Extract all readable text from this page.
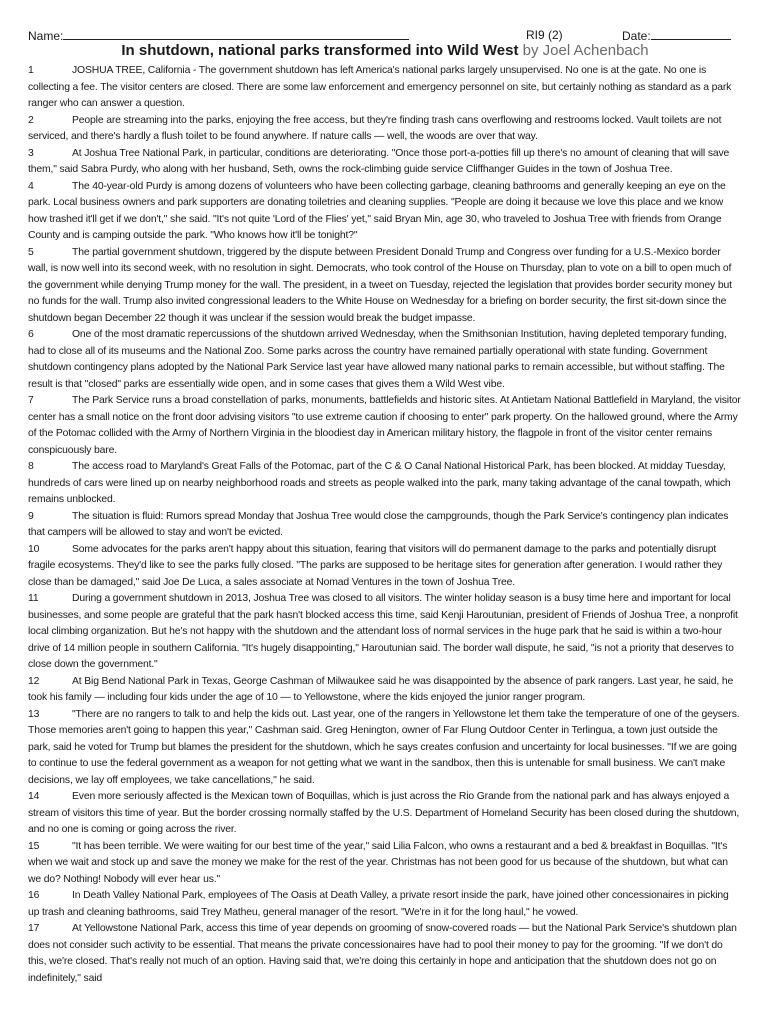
Name:	RI9 (2)	Date:
In shutdown, national parks transformed into Wild West by Joel Achenbach

1	JOSHUA TREE, California - The government shutdown has left America's national parks largely unsupervised. No one is at the gate. No one is collecting a fee. The visitor centers are closed. There are some law enforcement and emergency personnel on site, but certainly nothing as standard as a park ranger who can answer a question.

2	People are streaming into the parks, enjoying the free access, but they're finding trash cans overflowing and restrooms locked. Vault toilets are not serviced, and there's hardly a flush toilet to be found anywhere. If nature calls — well, the woods are over that way.

3	At Joshua Tree National Park, in particular, conditions are deteriorating. "Once those port-a-potties fill up there's no amount of cleaning that will save them," said Sabra Purdy, who along with her husband, Seth, owns the rock-climbing guide service Cliffhanger Guides in the town of Joshua Tree.

4	The 40-year-old Purdy is among dozens of volunteers who have been collecting garbage, cleaning bathrooms and generally keeping an eye on the park. Local business owners and park supporters are donating toiletries and cleaning supplies. "People are doing it because we love this place and we know how trashed it'll get if we don't," she said. "It's not quite 'Lord of the Flies' yet," said Bryan Min, age 30, who traveled to Joshua Tree with friends from Orange County and is camping outside the park. "Who knows how it'll be tonight?"

5	The partial government shutdown, triggered by the dispute between President Donald Trump and Congress over funding for a U.S.-Mexico border wall, is now well into its second week, with no resolution in sight. Democrats, who took control of the House on Thursday, plan to vote on a bill to open much of the government while denying Trump money for the wall. The president, in a tweet on Tuesday, rejected the legislation that provides border security money but no funds for the wall. Trump also invited congressional leaders to the White House on Wednesday for a briefing on border security, the first sit-down since the shutdown began December 22 though it was unclear if the session would break the budget impasse.

6	One of the most dramatic repercussions of the shutdown arrived Wednesday, when the Smithsonian Institution, having depleted temporary funding, had to close all of its museums and the National Zoo. Some parks across the country have remained partially operational with state funding. Government shutdown contingency plans adopted by the National Park Service last year have allowed many national parks to remain accessible, but without staffing. The result is that "closed" parks are essentially wide open, and in some cases that gives them a Wild West vibe.

7	The Park Service runs a broad constellation of parks, monuments, battlefields and historic sites. At Antietam National Battlefield in Maryland, the visitor center has a small notice on the front door advising visitors "to use extreme caution if choosing to enter" park property. On the hallowed ground, where the Army of the Potomac collided with the Army of Northern Virginia in the bloodiest day in American military history, the flagpole in front of the visitor center remains conspicuously bare.

8	The access road to Maryland's Great Falls of the Potomac, part of the C & O Canal National Historical Park, has been blocked. At midday Tuesday, hundreds of cars were lined up on nearby neighborhood roads and streets as people walked into the park, many taking advantage of the canal towpath, which remains unblocked.

9	The situation is fluid: Rumors spread Monday that Joshua Tree would close the campgrounds, though the Park Service's contingency plan indicates that campers will be allowed to stay and won't be evicted.

10	Some advocates for the parks aren't happy about this situation, fearing that visitors will do permanent damage to the parks and potentially disrupt fragile ecosystems. They'd like to see the parks fully closed. "The parks are supposed to be heritage sites for generation after generation. I would rather they close than be damaged," said Joe De Luca, a sales associate at Nomad Ventures in the town of Joshua Tree.

11	During a government shutdown in 2013, Joshua Tree was closed to all visitors. The winter holiday season is a busy time here and important for local businesses, and some people are grateful that the park hasn't blocked access this time, said Kenji Haroutunian, president of Friends of Joshua Tree, a nonprofit local climbing organization. But he's not happy with the shutdown and the attendant loss of normal services in the huge park that he said is within a two-hour drive of 14 million people in southern California. "It's hugely disappointing," Haroutunian said. The border wall dispute, he said, "is not a priority that deserves to close down the government."

12	At Big Bend National Park in Texas, George Cashman of Milwaukee said he was disappointed by the absence of park rangers. Last year, he said, he took his family — including four kids under the age of 10 — to Yellowstone, where the kids enjoyed the junior ranger program.

13	"There are no rangers to talk to and help the kids out. Last year, one of the rangers in Yellowstone let them take the temperature of one of the geysers. Those memories aren't going to happen this year," Cashman said. Greg Henington, owner of Far Flung Outdoor Center in Terlingua, a town just outside the park, said he voted for Trump but blames the president for the shutdown, which he says creates confusion and uncertainty for local businesses. "If we are going to continue to use the federal government as a weapon for not getting what we want in the sandbox, then this is untenable for small business. We can't make decisions, we lay off employees, we take cancellations," he said.

14	Even more seriously affected is the Mexican town of Boquillas, which is just across the Rio Grande from the national park and has always enjoyed a stream of visitors this time of year. But the border crossing normally staffed by the U.S. Department of Homeland Security has been closed during the shutdown, and no one is coming or going across the river.

15	"It has been terrible. We were waiting for our best time of the year," said Lilia Falcon, who owns a restaurant and a bed & breakfast in Boquillas. "It's when we wait and stock up and save the money we make for the rest of the year. Christmas has not been good for us because of the shutdown, but what can we do? Nothing! Nobody will ever hear us."

16	In Death Valley National Park, employees of The Oasis at Death Valley, a private resort inside the park, have joined other concessionaires in picking up trash and cleaning bathrooms, said Trey Matheu, general manager of the resort. "We're in it for the long haul," he vowed.

17	At Yellowstone National Park, access this time of year depends on grooming of snow-covered roads — but the National Park Service's shutdown plan does not consider such activity to be essential. That means the private concessionaires have had to pool their money to pay for the grooming. "If we don't do this, we're closed. That's really not much of an option. Having said that, we're doing this certainly in hope and anticipation that the shutdown does not go on indefinitely," said
